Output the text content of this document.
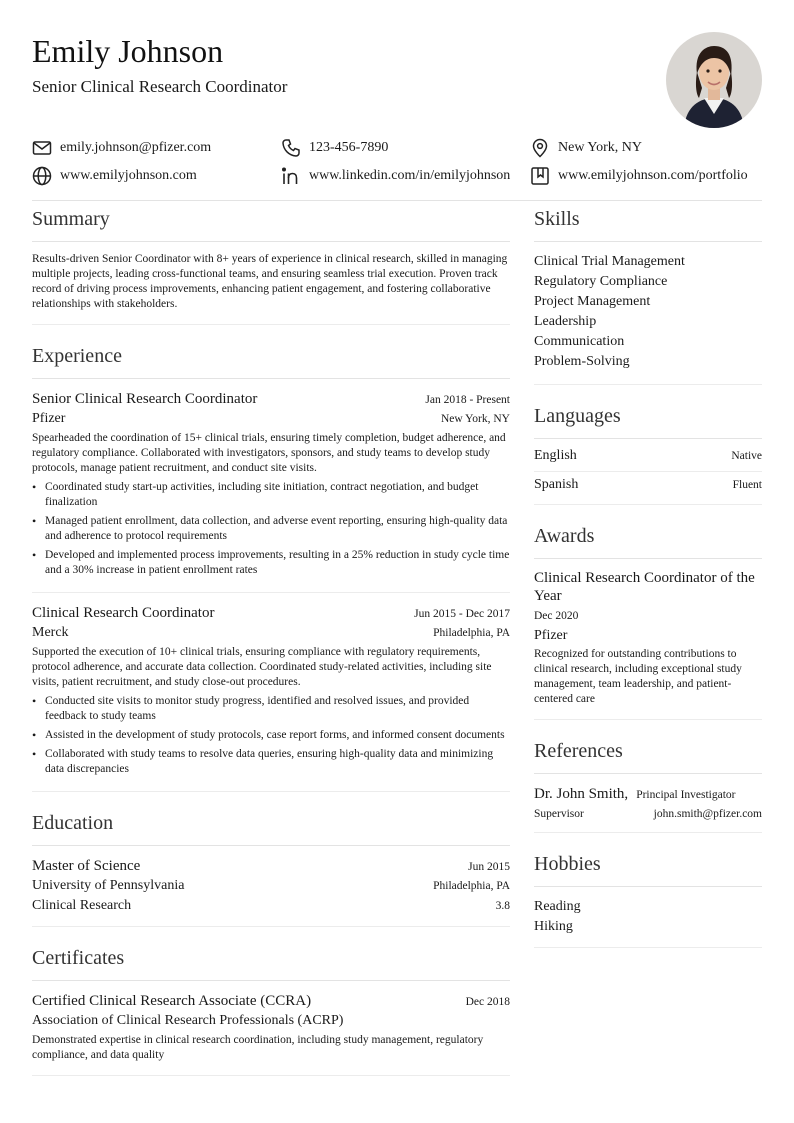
Emily Johnson
Senior Clinical Research Coordinator
emily.johnson@pfizer.com	123-456-7890	New York, NY
www.emilyjohnson.com	www.linkedin.com/in/emilyjohnson	www.emilyjohnson.com/portfolio
Summary
Results-driven Senior Coordinator with 8+ years of experience in clinical research, skilled in managing multiple projects, leading cross-functional teams, and ensuring seamless trial execution. Proven track record of driving process improvements, enhancing patient engagement, and fostering collaborative relationships with stakeholders.
Experience
Senior Clinical Research Coordinator	Jan 2018 - Present
Pfizer	New York, NY
Spearheaded the coordination of 15+ clinical trials, ensuring timely completion, budget adherence, and regulatory compliance. Collaborated with investigators, sponsors, and study teams to develop study protocols, manage patient recruitment, and conduct site visits.
• Coordinated study start-up activities, including site initiation, contract negotiation, and budget finalization
• Managed patient enrollment, data collection, and adverse event reporting, ensuring high-quality data and adherence to protocol requirements
• Developed and implemented process improvements, resulting in a 25% reduction in study cycle time and a 30% increase in patient enrollment rates
Clinical Research Coordinator	Jun 2015 - Dec 2017
Merck	Philadelphia, PA
Supported the execution of 10+ clinical trials, ensuring compliance with regulatory requirements, protocol adherence, and accurate data collection. Coordinated study-related activities, including site visits, patient recruitment, and study close-out procedures.
• Conducted site visits to monitor study progress, identified and resolved issues, and provided feedback to study teams
• Assisted in the development of study protocols, case report forms, and informed consent documents
• Collaborated with study teams to resolve data queries, ensuring high-quality data and minimizing data discrepancies
Education
Master of Science	Jun 2015
University of Pennsylvania	Philadelphia, PA
Clinical Research	3.8
Certificates
Certified Clinical Research Associate (CCRA)	Dec 2018
Association of Clinical Research Professionals (ACRP)
Demonstrated expertise in clinical research coordination, including study management, regulatory compliance, and data quality
Skills
Clinical Trial Management
Regulatory Compliance
Project Management
Leadership
Communication
Problem-Solving
Languages
English	Native
Spanish	Fluent
Awards
Clinical Research Coordinator of the Year
Dec 2020
Pfizer
Recognized for outstanding contributions to clinical research, including exceptional study management, team leadership, and patient-centered care
References
Dr. John Smith, Principal Investigator
Supervisor	john.smith@pfizer.com
Hobbies
Reading
Hiking
